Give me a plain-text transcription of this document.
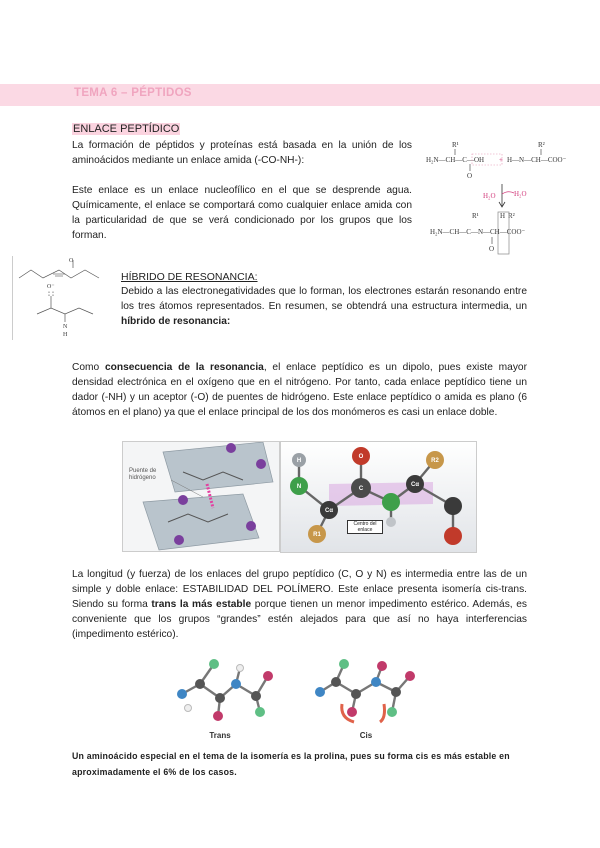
TEMA 6 – PÉPTIDOS
ENLACE PEPTÍDICO

La formación de péptidos y proteínas está basada en la unión de los aminoácidos mediante un enlace amida (-CO-NH-):

Este enlace es un enlace nucleofílico en el que se desprende agua. Químicamente, el enlace se comportará como cualquier enlace amida con la particularidad de que se verá condicionado por los grupos que los forman.

R¹	R²
H₂N—CH—C—OH + H—N—CH—COO⁻
O
H₂O	H₂O
R¹	R²
H
H₂N—CH—C—N—CH—COO⁻
O
O
O⁻
N
H
HÍBRIDO DE RESONANCIA:
Debido a las electronegatividades que lo forman, los electrones estarán resonando entre los tres átomos representados. En resumen, se obtendrá una estructura intermedia, un híbrido de resonancia:
Como consecuencia de la resonancia, el enlace peptídico es un dipolo, pues existe mayor densidad electrónica en el oxígeno que en el nitrógeno. Por tanto, cada enlace peptídico tiene un dador (-NH) y un aceptor (-O) de puentes de hidrógeno. Este enlace peptídico o amida es plano (6 átomos en el plano) ya que el enlace principal de los dos monómeros es casi un enlace doble.
Puente de hidrógeno
H
N
Cα
R1
C
O
Cα
R2
Centro del enlace
La longitud (y fuerza) de los enlaces del grupo peptídico (C, O y N) es intermedia entre las de un simple y doble enlace: ESTABILIDAD DEL POLÍMERO. Este enlace presenta isomería cis-trans. Siendo su forma trans la más estable porque tienen un menor impedimento estérico. Además, es conveniente que los grupos “grandes” estén alejados para que así no haya interferencias (impedimento estérico).
Trans	Cis
Un aminoácido especial en el tema de la isomería es la prolina, pues su forma cis es más estable en aproximadamente el 6% de los casos.
